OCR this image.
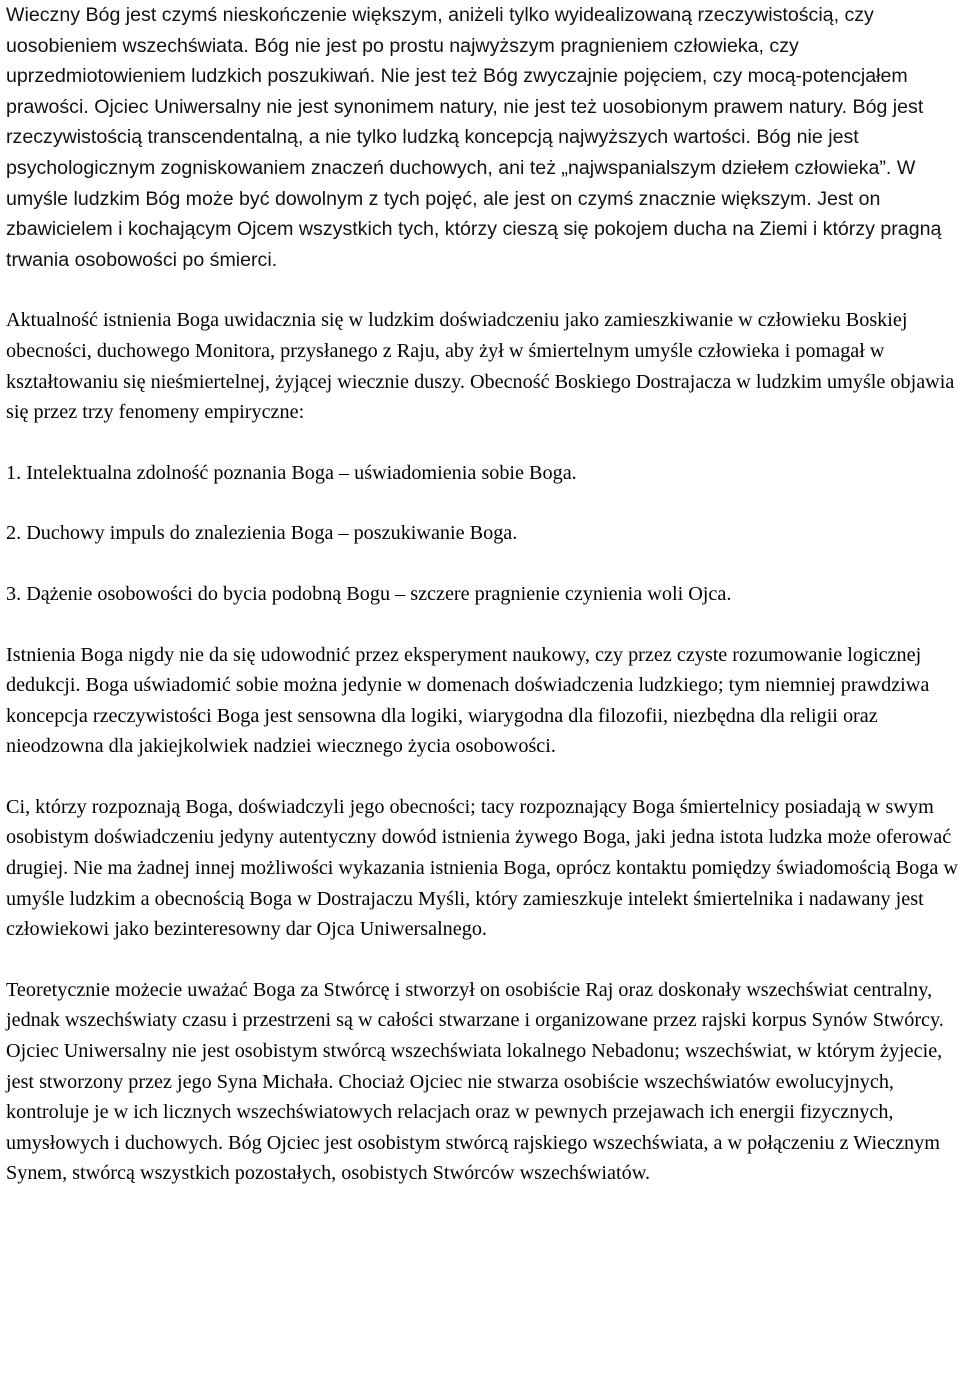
Wieczny Bóg jest czymś nieskończenie większym, aniżeli tylko wyidealizowaną rzeczywistością, czy uosobieniem wszechświata. Bóg nie jest po prostu najwyższym pragnieniem człowieka, czy uprzedmiotowieniem ludzkich poszukiwań. Nie jest też Bóg zwyczajnie pojęciem, czy mocą-potencjałem prawości. Ojciec Uniwersalny nie jest synonimem natury, nie jest też uosobionym prawem natury. Bóg jest rzeczywistością transcendentalną, a nie tylko ludzką koncepcją najwyższych wartości. Bóg nie jest psychologicznym zogniskowaniem znaczeń duchowych, ani też „najwspanialszym dziełem człowieka”. W umyśle ludzkim Bóg może być dowolnym z tych pojęć, ale jest on czymś znacznie większym. Jest on zbawicielem i kochającym Ojcem wszystkich tych, którzy cieszą się pokojem ducha na Ziemi i którzy pragną trwania osobowości po śmierci.

Aktualność istnienia Boga uwidacznia się w ludzkim doświadczeniu jako zamieszkiwanie w człowieku Boskiej obecności, duchowego Monitora, przysłanego z Raju, aby żył w śmiertelnym umyśle człowieka i pomagał w kształtowaniu się nieśmiertelnej, żyjącej wiecznie duszy. Obecność Boskiego Dostrajacza w ludzkim umyśle objawia się przez trzy fenomeny empiryczne:

1. Intelektualna zdolność poznania Boga – uświadomienia sobie Boga.

2. Duchowy impuls do znalezienia Boga – poszukiwanie Boga.

3. Dążenie osobowości do bycia podobną Bogu – szczere pragnienie czynienia woli Ojca.

Istnienia Boga nigdy nie da się udowodnić przez eksperyment naukowy, czy przez czyste rozumowanie logicznej dedukcji. Boga uświadomić sobie można jedynie w domenach doświadczenia ludzkiego; tym niemniej prawdziwa koncepcja rzeczywistości Boga jest sensowna dla logiki, wiarygodna dla filozofii, niezbędna dla religii oraz nieodzowna dla jakiejkolwiek nadziei wiecznego życia osobowości.

Ci, którzy rozpoznają Boga, doświadczyli jego obecności; tacy rozpoznający Boga śmiertelnicy posiadają w swym osobistym doświadczeniu jedyny autentyczny dowód istnienia żywego Boga, jaki jedna istota ludzka może oferować drugiej. Nie ma żadnej innej możliwości wykazania istnienia Boga, oprócz kontaktu pomiędzy świadomością Boga w umyśle ludzkim a obecnością Boga w Dostrajaczu Myśli, który zamieszkuje intelekt śmiertelnika i nadawany jest człowiekowi jako bezinteresowny dar Ojca Uniwersalnego.

Teoretycznie możecie uważać Boga za Stwórcę i stworzył on osobiście Raj oraz doskonały wszechświat centralny, jednak wszechświaty czasu i przestrzeni są w całości stwarzane i organizowane przez rajski korpus Synów Stwórcy. Ojciec Uniwersalny nie jest osobistym stwórcą wszechświata lokalnego Nebadonu; wszechświat, w którym żyjecie, jest stworzony przez jego Syna Michała. Chociaż Ojciec nie stwarza osobiście wszechświatów ewolucyjnych, kontroluje je w ich licznych wszechświatowych relacjach oraz w pewnych przejawach ich energii fizycznych, umysłowych i duchowych. Bóg Ojciec jest osobistym stwórcą rajskiego wszechświata, a w połączeniu z Wiecznym Synem, stwórcą wszystkich pozostałych, osobistych Stwórców wszechświatów.
